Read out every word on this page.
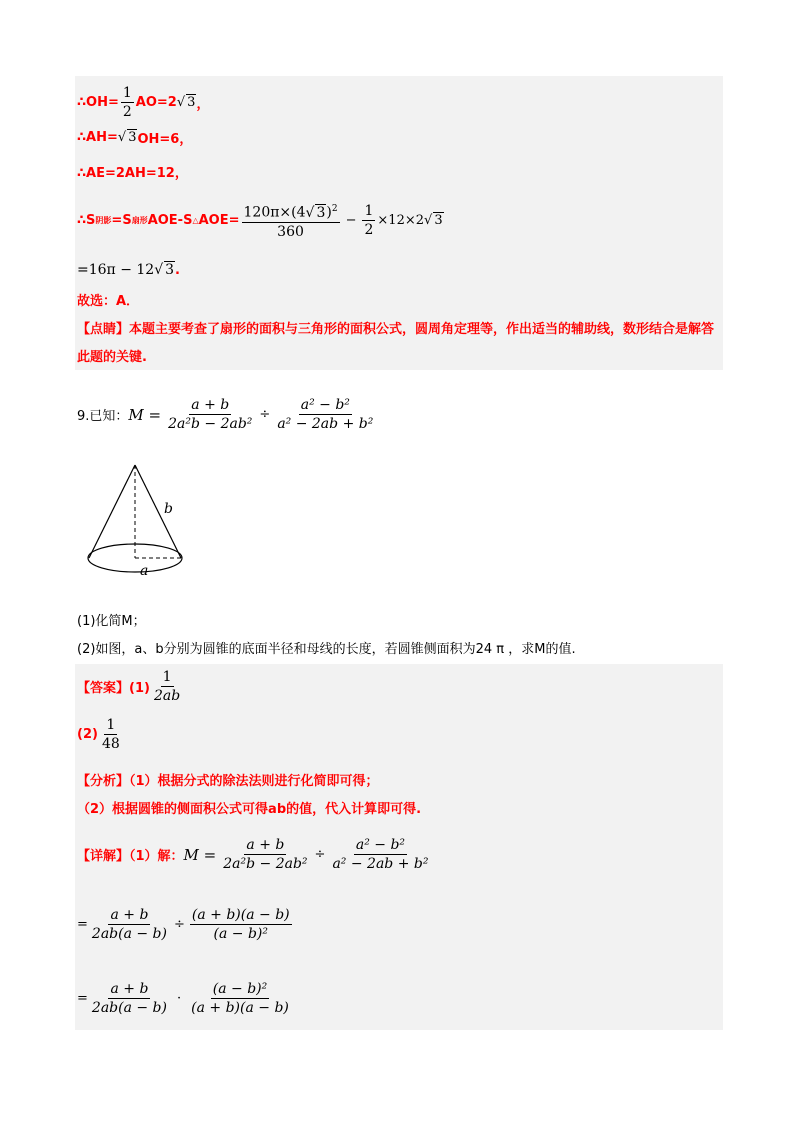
∴OH= $\frac{1}{2} AO=2$ √ 3 ，
∴AH= √ 3 OH=6，
∴AE=2AH=12，
∴S 阴影 =S 扇形 AOE-S △ $AOE= \frac{120\pi\times(4√ 3)^2}{360} - \frac{1}{2} \times 12\times 2$ √ 3
=16π − 12 √ 3 .
故选：A．
【点睛】本题主要考查了扇形的面积与三角形的面积公式，圆周角定理等，作出适当的辅助线，数形结合是解答此题的关键.
9.已知： $M = \frac{a + b}{\text{2a²b − 2ab²}} \div \frac{\text{a² − b²}}{\text{a² − 2ab + b²}}$
b
a
(1)化简M；
(2)如图，a、b分别为圆锥的底面半径和母线的长度，若圆锥侧面积为24 π ，求M的值.
【答案】$(1) \frac{1}{2ab}$
$(2) \frac{1}{48}$
【分析】（1）根据分式的除法法则进行化简即可得；
（2）根据圆锥的侧面积公式可得ab的值，代入计算即可得.
【详解】（1）解： $M = \frac{a + b}{\text{2a²b − 2ab²}} \div \frac{\text{a² − b²}}{\text{a² − 2ab + b²}}$
= $\frac{a + b}{2ab(a - b)} \div \frac{(a + b)(a - b)}{\text{(a − b)²}}$
= $\frac{a + b}{2ab(a - b)} \cdot \frac{\text{(a − b)²}}{(a + b)(a - b)}$
